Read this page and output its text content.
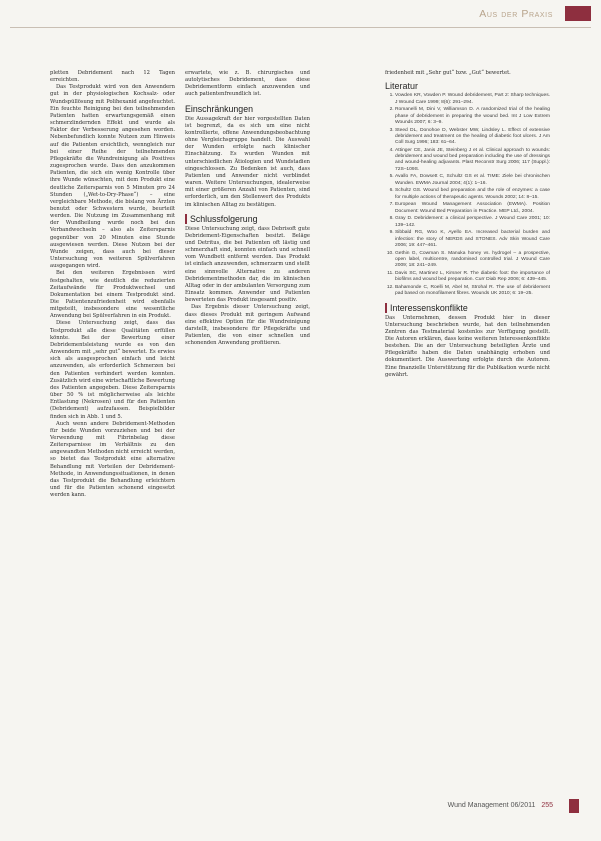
Aus der Praxis

pletten Debridement nach 12 Tagen erreichten.

Das Testprodukt wird von den Anwendern gut in der physiologischen Kochsalz- oder Wundspüllösung mit Polihexanid angefeuchtet. Ein feuchte Reinigung bei den teilnehmenden Patienten hatten erwartungsgemäß einen schmerzlindernden Effekt und wurde als Faktor der Verbesserung angesehen worden. Nebenbefundlich konnte Nutzen zum Hinweis auf die Patienten ersichtlich, wenngleich nur bei einer Reihe der teilnehmenden Pflegekräfte die Wundreinigung als Positives zugesprochen wurde. Dass den anzukommen Patienten, die sich ein wenig Kontrolle über ihre Wunde wünschten, mit dem Produkt eine deutliche Zeitersparnis von 5 Minuten pro 24 Stunden („Wet-to-Dry-Phase“) – eine vergleichbare Methode, die bislang von Ärzten benutzt oder Schwestern wurde, beurteilt werden. Die Nutzung im Zusammenhang mit der Wundheilung wurde noch bei den Verbandwechseln – also als Zeitersparnis gegenüber von 20 Minuten eine Stunde ausgewiesen werden. Diese Nutzen bei der Wunde zeigen, dass auch bei dieser Untersuchung von weiteren Spülverfahren ausgegangen wird.

Bei den weiteren Ergebnissen wird festgehalten, wie deutlich die reduzierten Zeitaufwände für Produktwechsel und Dokumentation bei einem Testprodukt sind. Die Patientenzufriedenheit wird ebenfalls mitgeteilt, insbesondere eine wesentliche Anwendung bei Spülverfahren in ein Produkt.

Diese Untersuchung zeigt, dass das Testprodukt alle diese Qualitäten erfüllen könnte. Bei der Bewertung einer Debridementsleistung wurde es von den Anwendern mit „sehr gut“ bewertet. Es erwies sich als ausgesprochen einfach und leicht anzuwenden, als erforderlich Schmerzen bei den Patienten verhindert werden konnten. Zusätzlich wird eine wirtschaftliche Bewertung des Patienten angegeben. Diese Zeitersparnis über 50 % ist möglicherweise als leichte Entlastung (Nekrosen) und für den Patienten (Debridement) aufzufassen. Beispielbilder finden sich in Abb. 1 und 5.

Auch wenn andere Debridement-Methoden für beide Wunden vorzuziehen und bei der Verwendung mit Fibrinbelag diese Zeitersparnisse im Verhältnis zu den angewandten Methoden nicht erreicht werden, so bietet das Testprodukt eine alternative Behandlung mit Vorteilen der Debridement-Methode, in Anwendungssituationen, in denen das Testprodukt die Behandlung erleichtern und für die Patienten schonend eingesetzt werden kann.

erwartete, wie z. B. chirurgisches und autolytisches Debridement, dass diese Debridementform einfach anzuwenden und auch patientenfreundlich ist.

Einschränkungen

Die Aussagekraft der hier vorgestellten Daten ist begrenzt, da es sich um eine nicht kontrollierte, offene Anwendungsbeobachtung ohne Vergleichsgruppe handelt. Die Auswahl der Wunden erfolgte nach klinischer Einschätzung. Es wurden Wunden mit unterschiedlichen Ätiologien und Wundstadien eingeschlossen. Zu Bedenken ist auch, dass Patienten und Anwender nicht verblindet waren. Weitere Untersuchungen, idealerweise mit einer größeren Anzahl von Patienten, sind erforderlich, um den Stellenwert des Produkts im klinischen Alltag zu bestätigen.

Schlussfolgerung

Diese Untersuchung zeigt, dass Debrisoft gute Debridement-Eigenschaften besitzt. Beläge und Detritus, die bei Patienten oft lästig und schmerzhaft sind, konnten einfach und schnell vom Wundbett entfernt werden. Das Produkt ist einfach anzuwenden, schmerzarm und stellt eine sinnvolle Alternative zu anderen Debridementmethoden dar, die im klinischen Alltag oder in der ambulanten Versorgung zum Einsatz kommen. Anwender und Patienten bewerteten das Produkt insgesamt positiv.

Das Ergebnis dieser Untersuchung zeigt, dass dieses Produkt mit geringem Aufwand eine effektive Option für die Wundreinigung darstellt, insbesondere für Pflegekräfte und Patienten, die von einer schnellen und schonenden Anwendung profitieren.

friedenheit mit „Sehr gut“ bzw. „Gut“ bewertet.

Literatur
1. Vowden KR, Vowden P. Wound debridement, Part 2: Sharp techniques. J Wound Care 1999; 8(6): 291–294.
2. Romanelli M, Dini V, Williamson D. A randomized trial of the healing phase of debridement in preparing the wound bed. Int J Low Extrem Wounds 2007; 6: 3–9.
3. Steed DL, Donohoe D, Webster MW, Lindsley L. Effect of extensive debridement and treatment on the healing of diabetic foot ulcers. J Am Coll Surg 1996; 183: 61–64.
4. Attinger CE, Janis JE, Steinberg J et al. Clinical approach to wounds: debridement and wound bed preparation including the use of dressings and wound-healing adjuvants. Plast Reconstr Surg 2006; 117 (Suppl.): 72S–109S.
5. Avallo FA, Dowsett C, Schultz GS et al. TIME: Ziele bei chronischen Wunden. EWMA Journal 2004; 4(1): 1–16.
6. Schultz GS. Wound bed preparation and the role of enzymes: a case for multiple actions of therapeutic agents. Wounds 2002; 14: 8–15.
7. European Wound Management Association (EWMA). Position Document: Wound Bed Preparation in Practice. MEP Ltd., 2004.
8. Gray D. Debridement: a clinical perspective. J Wound Care 2001; 10: 139–142.
9. Sibbald RG, Woo K, Ayello EA. Increased bacterial burden and infection: the story of NERDS and STONES. Adv Skin Wound Care 2006; 19: 447–461.
10. Gethin G, Cowman S. Manuka honey vs. hydrogel – a prospective, open label, multicentre, randomised controlled trial. J Wound Care 2009; 18: 241–249.
11. Davis SC, Martinez L, Kirsner R. The diabetic foot: the importance of biofilms and wound bed preparation. Curr Diab Rep 2006; 6: 439–445.
12. Bahamonde C, Roelli M, Abel M, Strohal R. The use of debridement pad based on monofilament fibres. Wounds UK 2010; 6: 19–25.
Interessenskonflikte

Das Unternehmen, dessen Produkt hier in dieser Untersuchung beschrieben wurde, hat den teilnehmenden Zentren das Testmaterial kostenlos zur Verfügung gestellt. Die Autoren erklären, dass keine weiteren Interessenkonflikte bestehen. Die an der Untersuchung beteiligten Ärzte und Pflegekräfte haben die Daten unabhängig erhoben und dokumentiert. Die Auswertung erfolgte durch die Autoren. Eine finanzielle Unterstützung für die Publikation wurde nicht gewährt.

Wund Management 06/2011 255
